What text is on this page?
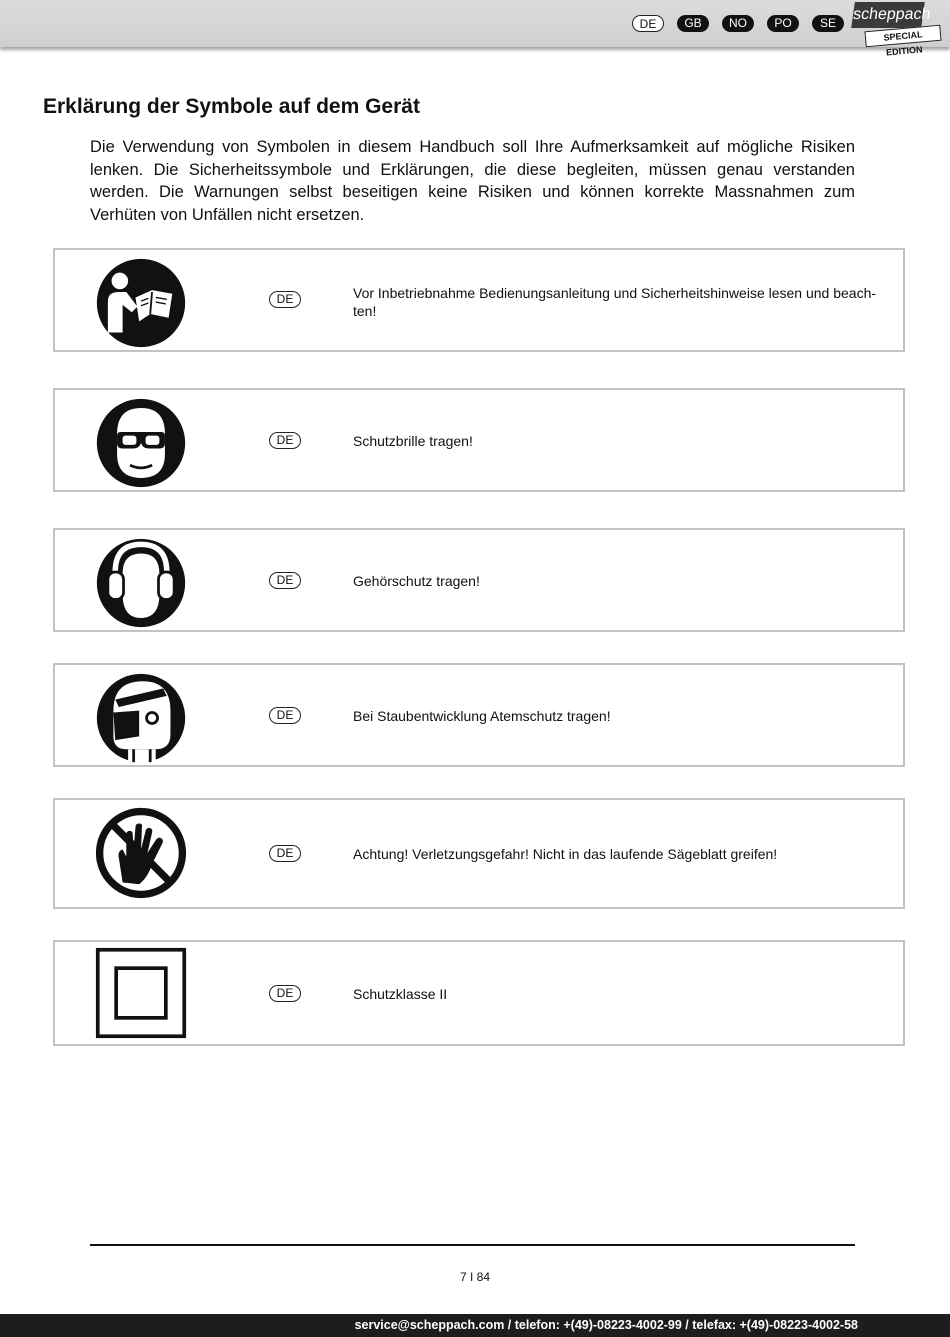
DE	GB	NO	PO	SE scheppach
SPECIAL EDITION
Erklärung der Symbole auf dem Gerät

Die Verwendung von Symbolen in diesem Handbuch soll Ihre Aufmerksamkeit auf mögliche Risiken lenken. Die Sicherheitssymbole und Erklärungen, die diese begleiten, müssen genau verstanden werden. Die Warnungen selbst beseitigen keine Risiken und können korrekte Massnahmen zum Verhüten von Unfällen nicht ersetzen.

DE	Vor Inbetriebnahme Bedienungsanleitung und Sicherheitshinweise lesen und beach-ten!
DE	Schutzbrille tragen!
DE	Gehörschutz tragen!
DE	Bei Staubentwicklung Atemschutz tragen!
DE	Achtung! Verletzungsgefahr! Nicht in das laufende Sägeblatt greifen!
DE	Schutzklasse II
7 I 84
service@scheppach.com / telefon: +(49)-08223-4002-99 / telefax: +(49)-08223-4002-58
